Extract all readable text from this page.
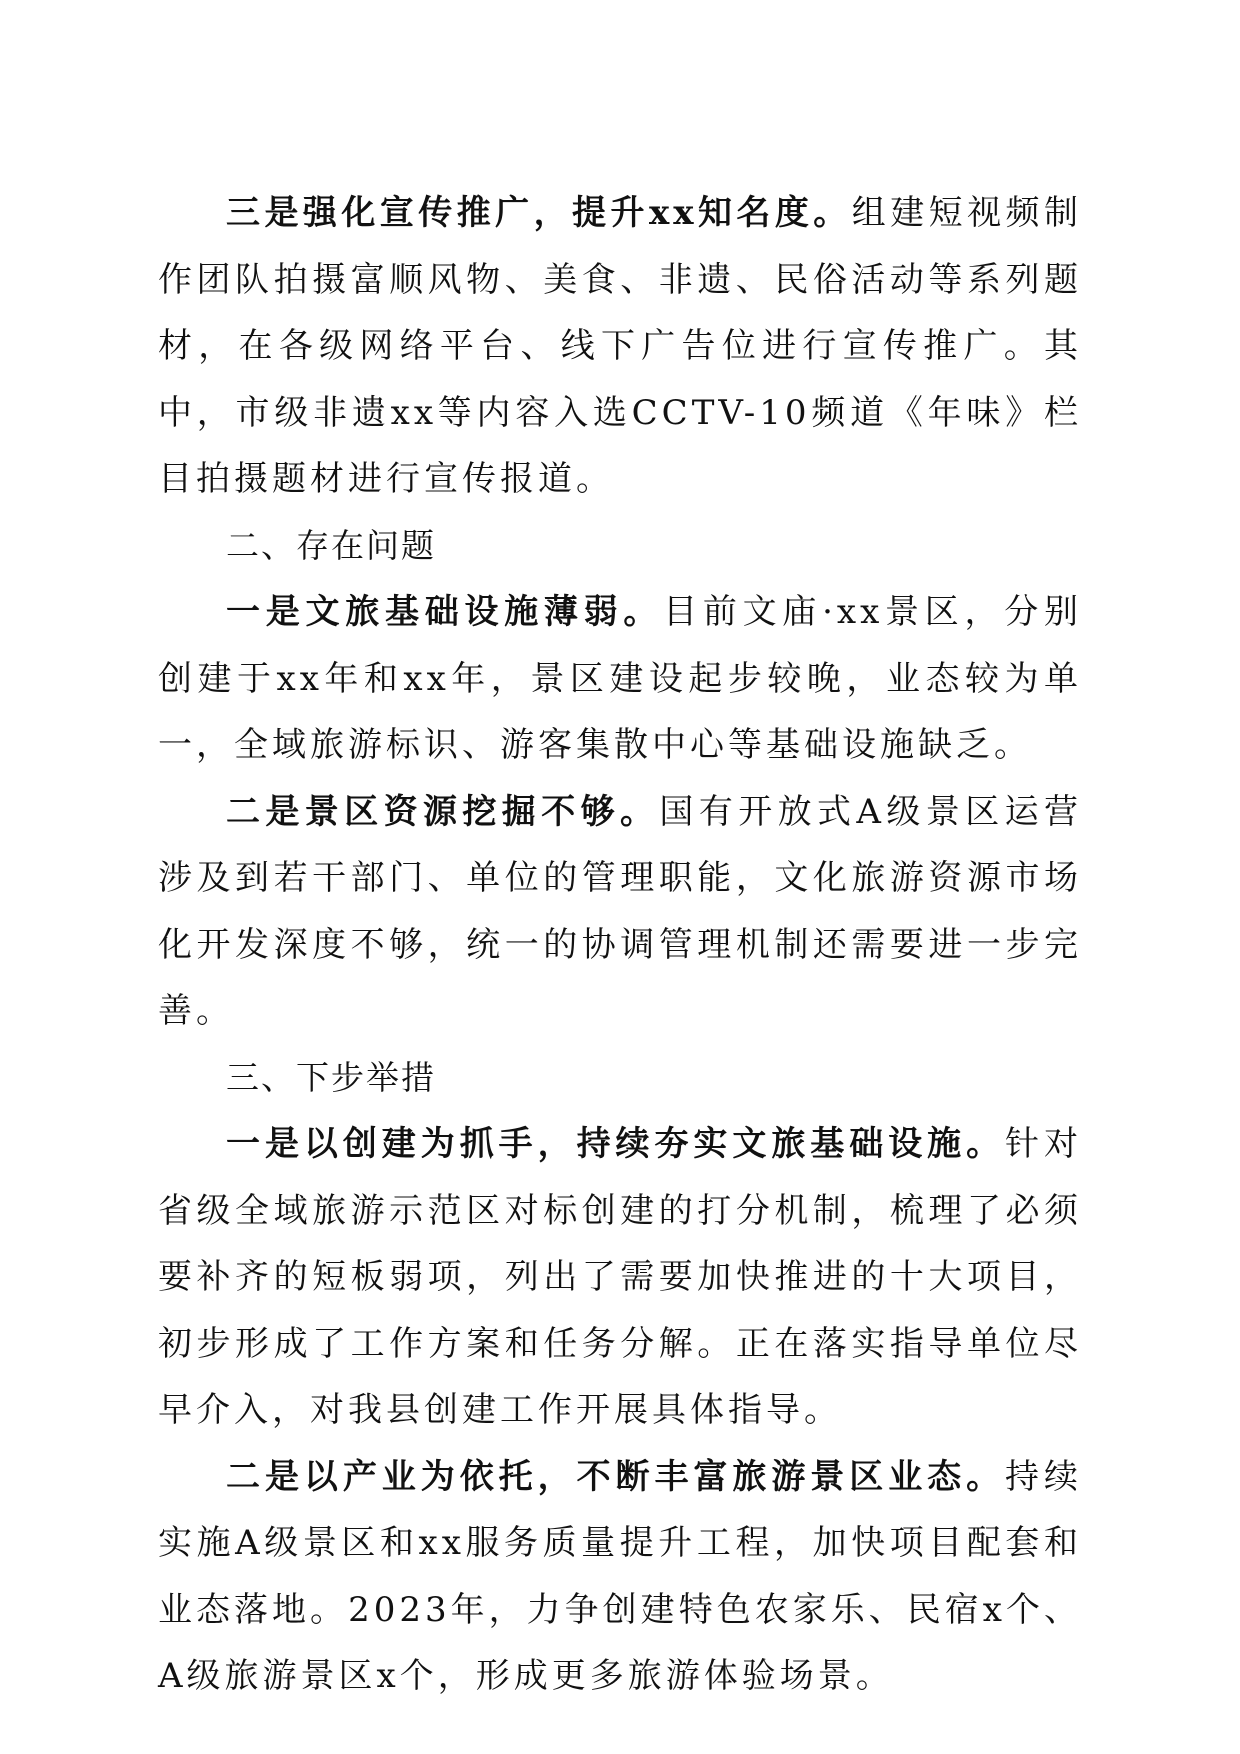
三是强化宣传推广，提升xx知名度。组建短视频制作团队拍摄富顺风物、美食、非遗、民俗活动等系列题材，在各级网络平台、线下广告位进行宣传推广。其中，市级非遗xx等内容入选CCTV-10频道《年味》栏目拍摄题材进行宣传报道。

二、存在问题

一是文旅基础设施薄弱。目前文庙·xx景区，分别创建于xx年和xx年，景区建设起步较晚，业态较为单一，全域旅游标识、游客集散中心等基础设施缺乏。

二是景区资源挖掘不够。国有开放式A级景区运营涉及到若干部门、单位的管理职能，文化旅游资源市场化开发深度不够，统一的协调管理机制还需要进一步完善。

三、下步举措

一是以创建为抓手，持续夯实文旅基础设施。针对省级全域旅游示范区对标创建的打分机制，梳理了必须要补齐的短板弱项，列出了需要加快推进的十大项目，初步形成了工作方案和任务分解。正在落实指导单位尽早介入，对我县创建工作开展具体指导。

二是以产业为依托，不断丰富旅游景区业态。持续实施A级景区和xx服务质量提升工程，加快项目配套和业态落地。2023年，力争创建特色农家乐、民宿x个、A级旅游景区x个，形成更多旅游体验场景。
